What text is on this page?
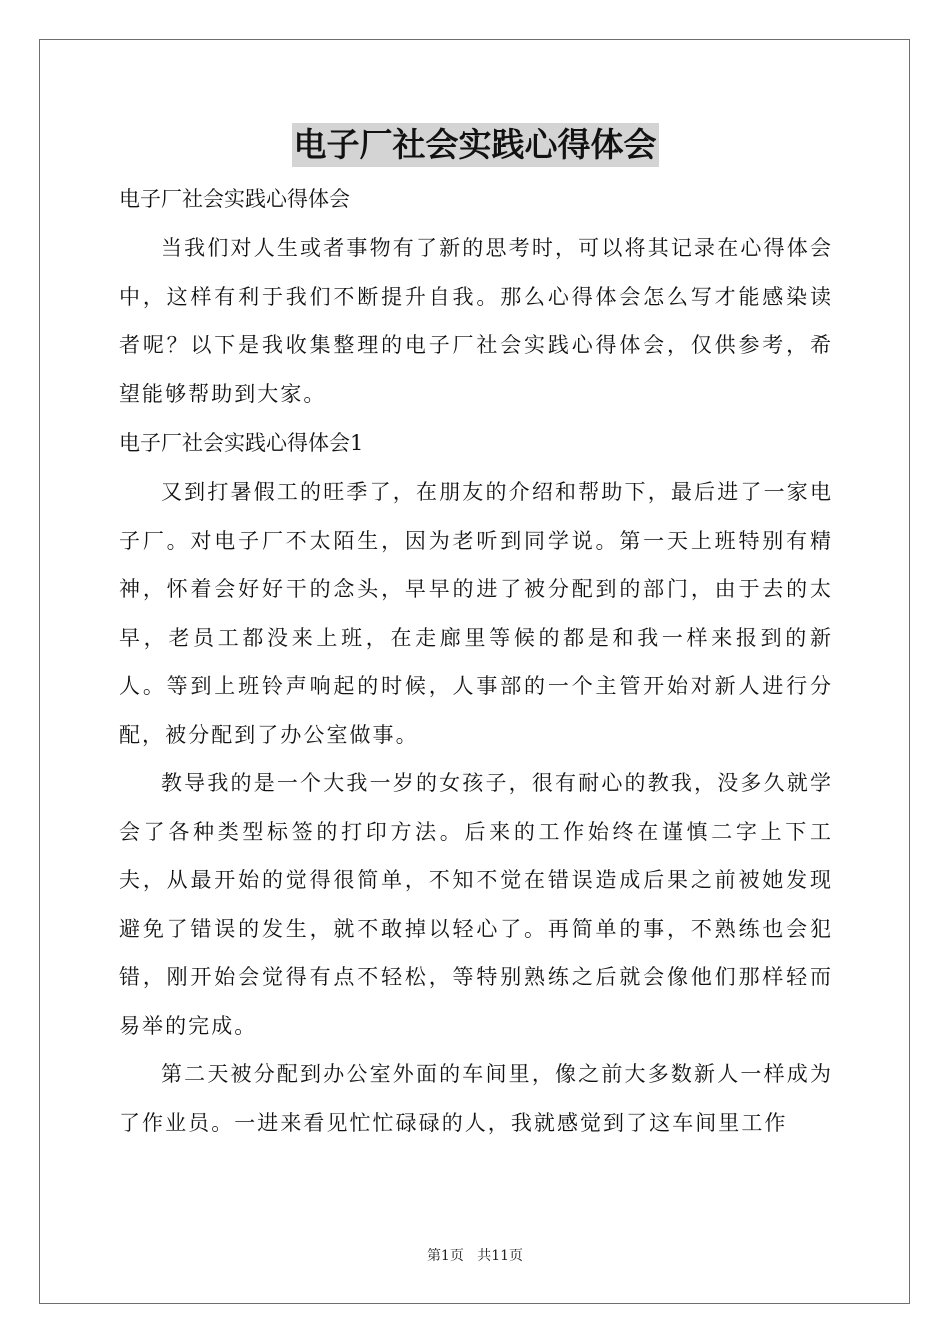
电子厂社会实践心得体会

电子厂社会实践心得体会

当我们对人生或者事物有了新的思考时，可以将其记录在心得体会中，这样有利于我们不断提升自我。那么心得体会怎么写才能感染读者呢？以下是我收集整理的电子厂社会实践心得体会，仅供参考，希望能够帮助到大家。

电子厂社会实践心得体会1

又到打暑假工的旺季了，在朋友的介绍和帮助下，最后进了一家电子厂。对电子厂不太陌生，因为老听到同学说。第一天上班特别有精神，怀着会好好干的念头，早早的进了被分配到的部门，由于去的太早，老员工都没来上班，在走廊里等候的都是和我一样来报到的新人。等到上班铃声响起的时候，人事部的一个主管开始对新人进行分配，被分配到了办公室做事。

教导我的是一个大我一岁的女孩子，很有耐心的教我，没多久就学会了各种类型标签的打印方法。后来的工作始终在谨慎二字上下工夫，从最开始的觉得很简单，不知不觉在错误造成后果之前被她发现避免了错误的发生，就不敢掉以轻心了。再简单的事，不熟练也会犯错，刚开始会觉得有点不轻松，等特别熟练之后就会像他们那样轻而易举的完成。

第二天被分配到办公室外面的车间里，像之前大多数新人一样成为了作业员。一进来看见忙忙碌碌的人，我就感觉到了这车间里工作

第1页 共11页
